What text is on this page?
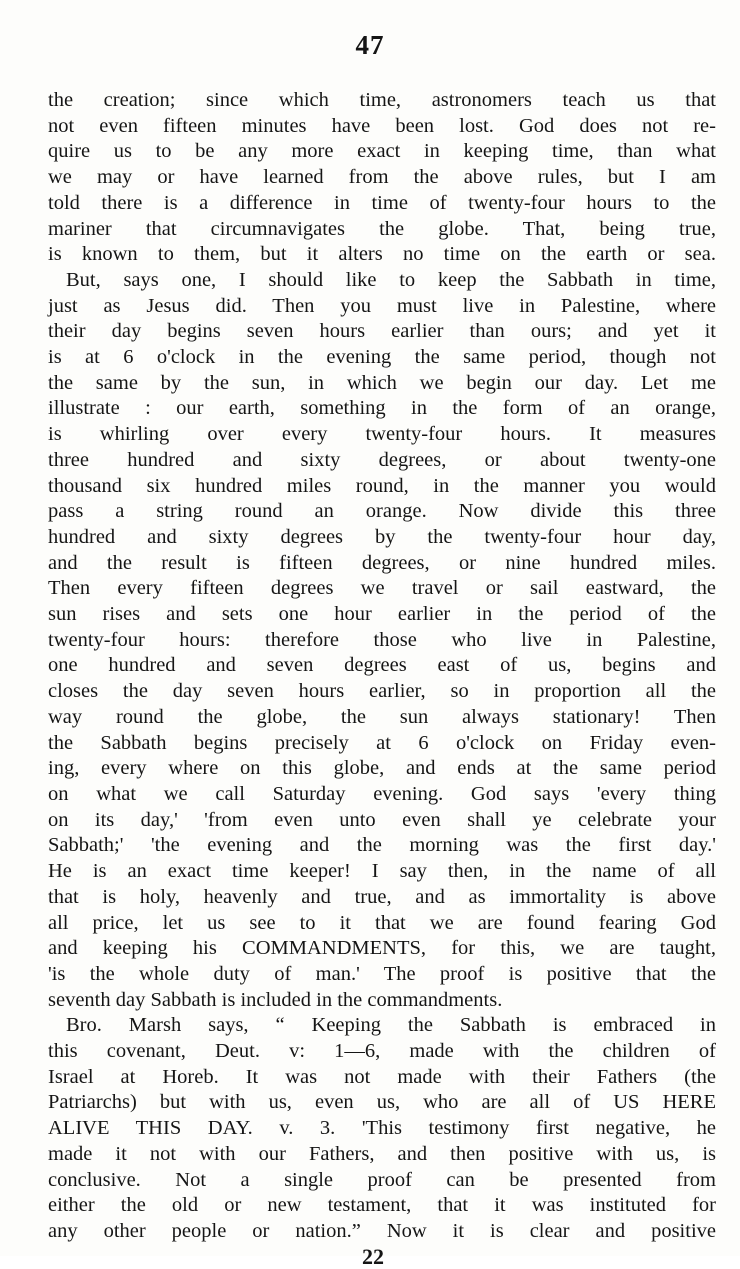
47
the creation; since which time, astronomers teach us that
not even fifteen minutes have been lost. God does not re-
quire us to be any more exact in keeping time, than what
we may or have learned from the above rules, but I am
told there is a difference in time of twenty-four hours to the
mariner that circumnavigates the globe. That, being true,
is known to them, but it alters no time on the earth or sea.
But, says one, I should like to keep the Sabbath in time,
just as Jesus did. Then you must live in Palestine, where
their day begins seven hours earlier than ours; and yet it
is at 6 o'clock in the evening the same period, though not
the same by the sun, in which we begin our day. Let me
illustrate : our earth, something in the form of an orange,
is whirling over every twenty-four hours. It measures
three hundred and sixty degrees, or about twenty-one
thousand six hundred miles round, in the manner you would
pass a string round an orange. Now divide this three
hundred and sixty degrees by the twenty-four hour day,
and the result is fifteen degrees, or nine hundred miles.
Then every fifteen degrees we travel or sail eastward, the
sun rises and sets one hour earlier in the period of the
twenty-four hours: therefore those who live in Palestine,
one hundred and seven degrees east of us, begins and
closes the day seven hours earlier, so in proportion all the
way round the globe, the sun always stationary! Then
the Sabbath begins precisely at 6 o'clock on Friday even-
ing, every where on this globe, and ends at the same period
on what we call Saturday evening. God says 'every thing
on its day,' 'from even unto even shall ye celebrate your
Sabbath;' 'the evening and the morning was the first day.'
He is an exact time keeper! I say then, in the name of all
that is holy, heavenly and true, and as immortality is above
all price, let us see to it that we are found fearing God
and keeping his COMMANDMENTS, for this, we are taught,
'is the whole duty of man.' The proof is positive that the
seventh day Sabbath is included in the commandments.
Bro. Marsh says, “ Keeping the Sabbath is embraced in
this covenant, Deut. v: 1—6, made with the children of
Israel at Horeb. It was not made with their Fathers (the
Patriarchs) but with us, even us, who are all of US HERE
ALIVE THIS DAY. v. 3. 'This testimony first negative, he
made it not with our Fathers, and then positive with us, is
conclusive. Not a single proof can be presented from
either the old or new testament, that it was instituted for
any other people or nation.” Now it is clear and positive
22
